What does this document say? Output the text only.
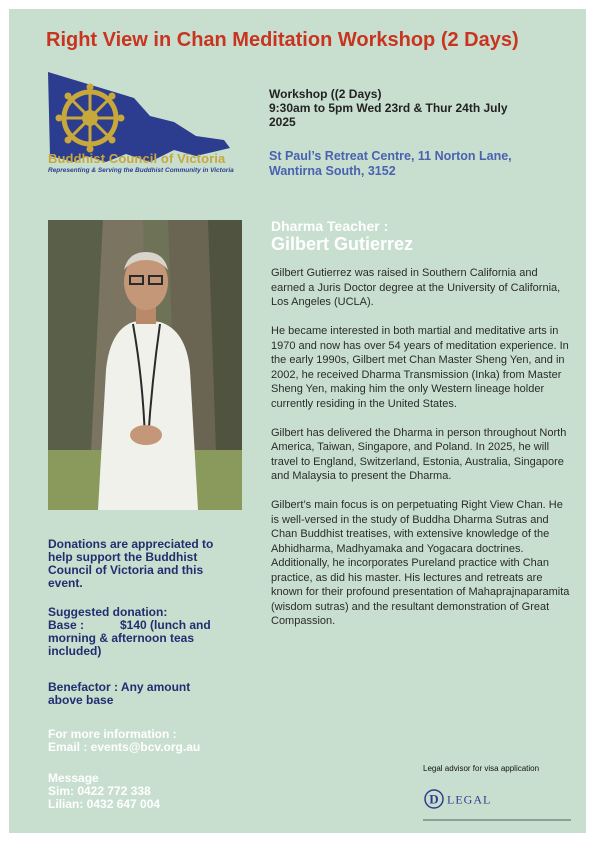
Right View in Chan Meditation Workshop (2 Days)
Buddhist Council of Victoria
Representing & Serving the Buddhist Community in Victoria
Workshop ((2 Days)
9:30am to 5pm Wed 23rd & Thur 24th July
2025
St Paul’s Retreat Centre, 11 Norton Lane,
Wantirna South, 3152
Dharma Teacher :
Gilbert Gutierrez

Gilbert Gutierrez was raised in Southern California and earned a Juris Doctor degree at the University of California, Los Angeles (UCLA).

He became interested in both martial and meditative arts in 1970 and now has over 54 years of meditation experience. In the early 1990s, Gilbert met Chan Master Sheng Yen, and in 2002, he received Dharma Transmission (Inka) from Master Sheng Yen, making him the only Western lineage holder currently residing in the United States.

Gilbert has delivered the Dharma in person throughout North America, Taiwan, Singapore, and Poland. In 2025, he will travel to England, Switzerland, Estonia, Australia, Singapore and Malaysia to present the Dharma.

Gilbert’s main focus is on perpetuating Right View Chan. He is well-versed in the study of Buddha Dharma Sutras and Chan Buddhist treatises, with extensive knowledge of the Abhidharma, Madhyamaka and Yogacara doctrines. Additionally, he incorporates Pureland practice with Chan practice, as did his master. His lectures and retreats are known for their profound presentation of Mahaprajnaparamita (wisdom sutras) and the resultant demonstration of Great Compassion.

Donations are appreciated to
help support the Buddhist
Council of Victoria and this
event.
Suggested donation:
Base :	$140 (lunch and
morning & afternoon teas
included)
Benefactor : Any amount
above base
For more information :
Email : events@bcv.org.au
Message
Sim: 0422 772 338
Lilian: 0432 647 004
Legal advisor for visa application
D LEGAL
